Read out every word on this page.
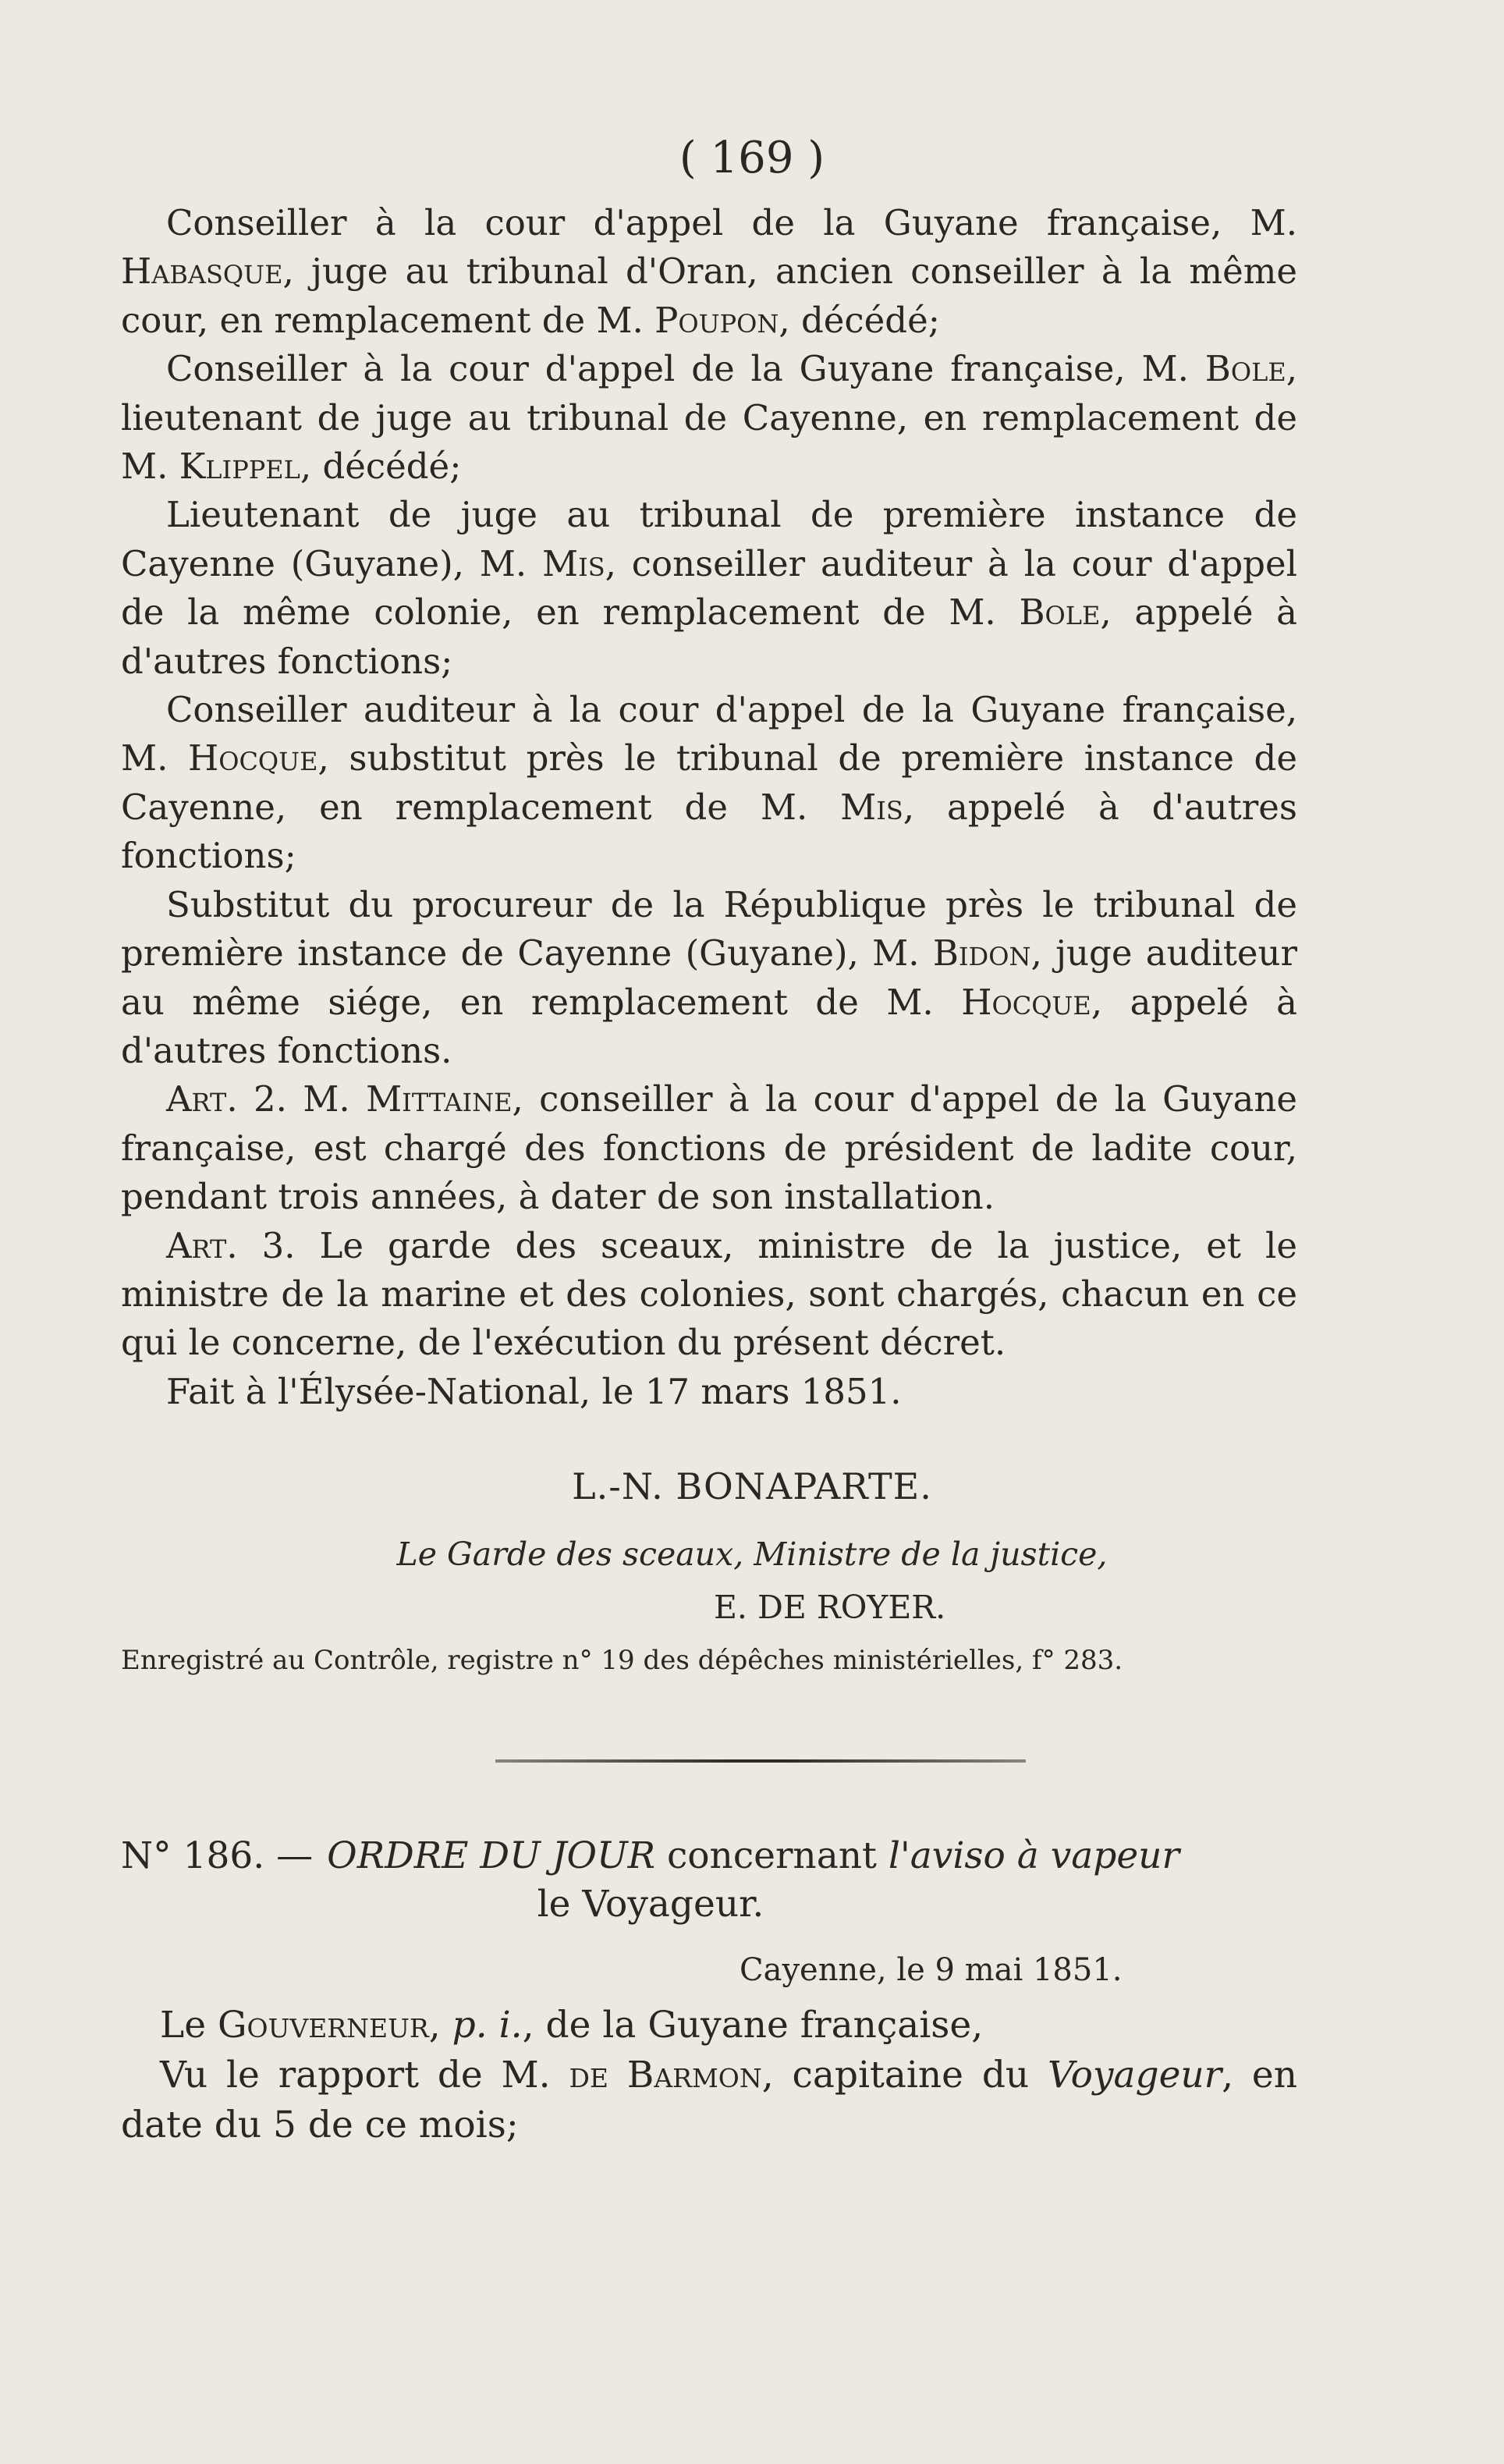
( 169 )

Conseiller à la cour d'appel de la Guyane française, M. Habasque, juge au tribunal d'Oran, ancien conseiller à la même cour, en remplacement de M. Poupon, décédé;

Conseiller à la cour d'appel de la Guyane française, M. Bole, lieutenant de juge au tribunal de Cayenne, en remplacement de M. Klippel, décédé;

Lieutenant de juge au tribunal de première instance de Cayenne (Guyane), M. Mis, conseiller auditeur à la cour d'appel de la même colonie, en remplacement de M. Bole, appelé à d'autres fonctions;

Conseiller auditeur à la cour d'appel de la Guyane française, M. Hocque, substitut près le tribunal de première instance de Cayenne, en remplacement de M. Mis, appelé à d'autres fonctions;

Substitut du procureur de la République près le tribunal de première instance de Cayenne (Guyane), M. Bidon, juge auditeur au même siége, en remplacement de M. Hocque, appelé à d'autres fonctions.

Art. 2. M. Mittaine, conseiller à la cour d'appel de la Guyane française, est chargé des fonctions de président de ladite cour, pendant trois années, à dater de son installation.

Art. 3. Le garde des sceaux, ministre de la justice, et le ministre de la marine et des colonies, sont chargés, chacun en ce qui le concerne, de l'exécution du présent décret.

Fait à l'Élysée-National, le 17 mars 1851.

L.-N. BONAPARTE.
Le Garde des sceaux, Ministre de la justice,
E. DE ROYER.
Enregistré au Contrôle, registre n° 19 des dépêches ministérielles, f° 283.
N° 186. — ORDRE DU JOUR concernant l'aviso à vapeur
le Voyageur.
Cayenne, le 9 mai 1851.

Le Gouverneur, p. i., de la Guyane française,

Vu le rapport de M. de Barmon, capitaine du Voyageur, en date du 5 de ce mois;
